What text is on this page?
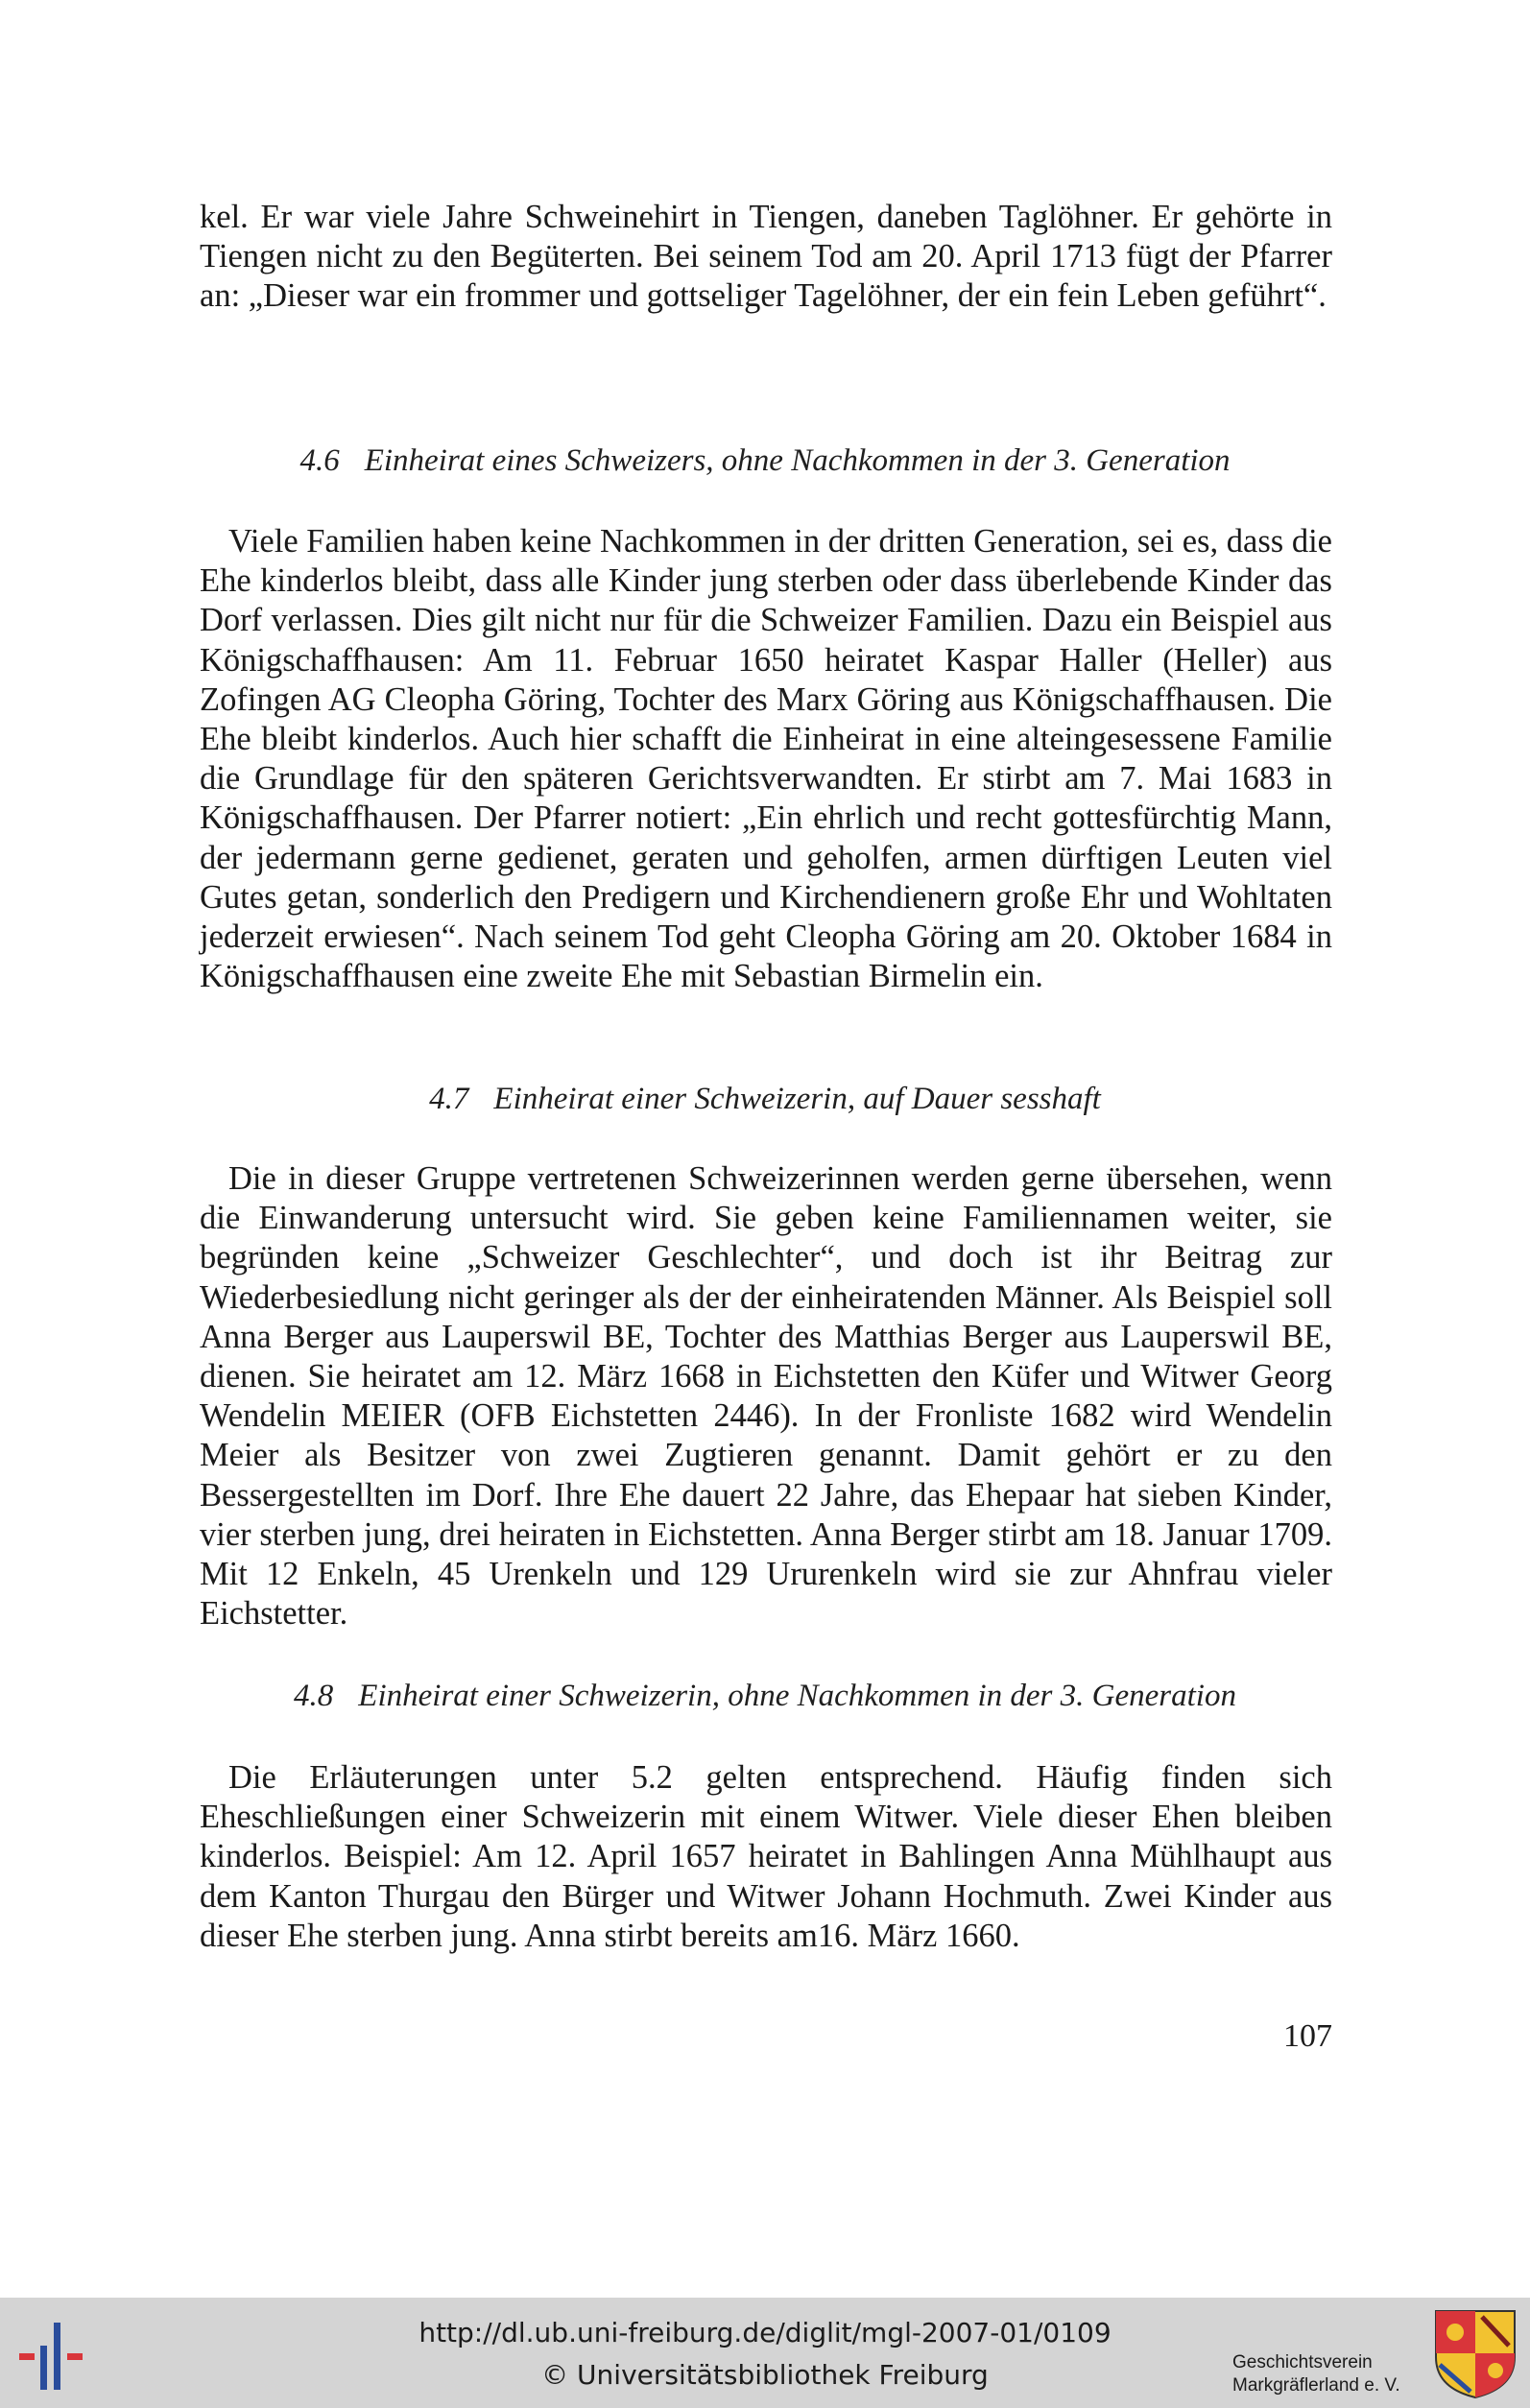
kel. Er war viele Jahre Schweinehirt in Tiengen, daneben Taglöhner. Er gehörte in Tiengen nicht zu den Begüterten. Bei seinem Tod am 20. April 1713 fügt der Pfarrer an: „Dieser war ein frommer und gottseliger Tagelöhner, der ein fein Leben geführt“.

4.6 Einheirat eines Schweizers, ohne Nachkommen in der 3. Generation

Viele Familien haben keine Nachkommen in der dritten Generation, sei es, dass die Ehe kinderlos bleibt, dass alle Kinder jung sterben oder dass überlebende Kinder das Dorf verlassen. Dies gilt nicht nur für die Schweizer Familien. Dazu ein Beispiel aus Königschaffhausen: Am 11. Februar 1650 heiratet Kaspar Haller (Heller) aus Zofingen AG Cleopha Göring, Tochter des Marx Göring aus Königschaffhausen. Die Ehe bleibt kinderlos. Auch hier schafft die Einheirat in eine alteingesessene Familie die Grundlage für den späteren Gerichtsverwandten. Er stirbt am 7. Mai 1683 in Königschaffhausen. Der Pfarrer notiert: „Ein ehrlich und recht gottesfürchtig Mann, der jedermann gerne gedienet, geraten und geholfen, armen dürftigen Leuten viel Gutes getan, sonderlich den Predigern und Kirchendienern große Ehr und Wohltaten jederzeit erwiesen“. Nach seinem Tod geht Cleopha Göring am 20. Oktober 1684 in Königschaffhausen eine zweite Ehe mit Sebastian Birmelin ein.

4.7 Einheirat einer Schweizerin, auf Dauer sesshaft

Die in dieser Gruppe vertretenen Schweizerinnen werden gerne übersehen, wenn die Einwanderung untersucht wird. Sie geben keine Familiennamen weiter, sie begründen keine „Schweizer Geschlechter“, und doch ist ihr Beitrag zur Wiederbesiedlung nicht geringer als der der einheiratenden Männer. Als Beispiel soll Anna Berger aus Lauperswil BE, Tochter des Matthias Berger aus Lauperswil BE, dienen. Sie heiratet am 12. März 1668 in Eichstetten den Küfer und Witwer Georg Wendelin MEIER (OFB Eichstetten 2446). In der Fronliste 1682 wird Wendelin Meier als Besitzer von zwei Zugtieren genannt. Damit gehört er zu den Bessergestellten im Dorf. Ihre Ehe dauert 22 Jahre, das Ehepaar hat sieben Kinder, vier sterben jung, drei heiraten in Eichstetten. Anna Berger stirbt am 18. Januar 1709. Mit 12 Enkeln, 45 Urenkeln und 129 Ururenkeln wird sie zur Ahnfrau vieler Eichstetter.

4.8 Einheirat einer Schweizerin, ohne Nachkommen in der 3. Generation

Die Erläuterungen unter 5.2 gelten entsprechend. Häufig finden sich Eheschließungen einer Schweizerin mit einem Witwer. Viele dieser Ehen bleiben kinderlos. Beispiel: Am 12. April 1657 heiratet in Bahlingen Anna Mühlhaupt aus dem Kanton Thurgau den Bürger und Witwer Johann Hochmuth. Zwei Kinder aus dieser Ehe sterben jung. Anna stirbt bereits am16. März 1660.

107
http://dl.ub.uni-freiburg.de/diglit/mgl-2007-01/0109
© Universitätsbibliothek Freiburg	Geschichtsverein
Markgräflerland e. V.
